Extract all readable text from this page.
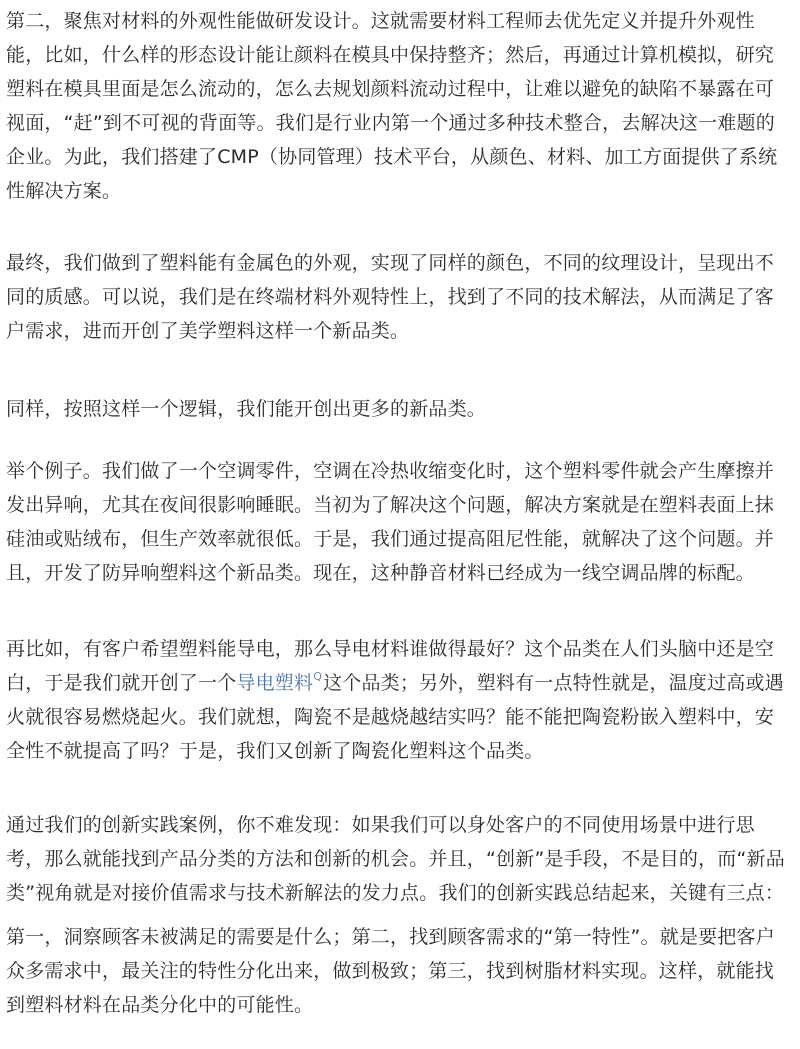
第二，聚焦对材料的外观性能做研发设计。这就需要材料工程师去优先定义并提升外观性
能，比如，什么样的形态设计能让颜料在模具中保持整齐；然后，再通过计算机模拟，研究
塑料在模具里面是怎么流动的，怎么去规划颜料流动过程中，让难以避免的缺陷不暴露在可
视面，“赶”到不可视的背面等。我们是行业内第一个通过多种技术整合，去解决这一难题的
企业。为此，我们搭建了CMP（协同管理）技术平台，从颜色、材料、加工方面提供了系统
性解决方案。
最终，我们做到了塑料能有金属色的外观，实现了同样的颜色，不同的纹理设计，呈现出不
同的质感。可以说，我们是在终端材料外观特性上，找到了不同的技术解法，从而满足了客
户需求，进而开创了美学塑料这样一个新品类。
同样，按照这样一个逻辑，我们能开创出更多的新品类。
举个例子。我们做了一个空调零件，空调在冷热收缩变化时，这个塑料零件就会产生摩擦并
发出异响，尤其在夜间很影响睡眠。当初为了解决这个问题，解决方案就是在塑料表面上抹
硅油或贴绒布，但生产效率就很低。于是，我们通过提高阻尼性能，就解决了这个问题。并
且，开发了防异响塑料这个新品类。现在，这种静音材料已经成为一线空调品牌的标配。
再比如，有客户希望塑料能导电，那么导电材料谁做得最好？这个品类在人们头脑中还是空
白，于是我们就开创了一个导电塑料Q这个品类；另外，塑料有一点特性就是，温度过高或遇
火就很容易燃烧起火。我们就想，陶瓷不是越烧越结实吗？能不能把陶瓷粉嵌入塑料中，安
全性不就提高了吗？于是，我们又创新了陶瓷化塑料这个品类。
通过我们的创新实践案例，你不难发现：如果我们可以身处客户的不同使用场景中进行思
考，那么就能找到产品分类的方法和创新的机会。并且，“创新”是手段，不是目的，而“新品
类”视角就是对接价值需求与技术新解法的发力点。我们的创新实践总结起来，关键有三点：
第一，洞察顾客未被满足的需要是什么；第二，找到顾客需求的“第一特性”。就是要把客户
众多需求中，最关注的特性分化出来，做到极致；第三，找到树脂材料实现。这样，就能找
到塑料材料在品类分化中的可能性。
